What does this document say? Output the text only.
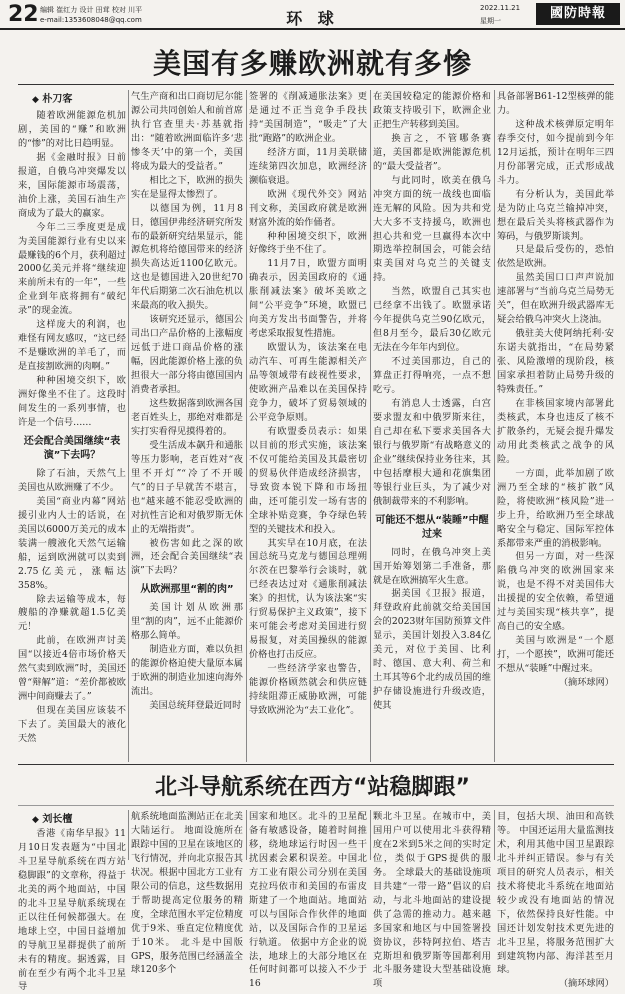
22 编辑 崔红力 设计 田茸 校对 川平
e-mail:1353608048@qq.com	环 球
2022.11.21
星期一	國防時報
美国有多赚欧洲就有多惨
◆ 朴刀客

随着欧洲能源危机加剧，美国的“赚”和欧洲的“惨”的对比日趋明显。

据《金融时报》日前报道，自俄乌冲突爆发以来，国际能源市场震荡，油价上涨，美国石油生产商成为了最大的赢家。

今年二三季度更是成为美国能源行业有史以来最赚钱的6个月，获利超过2000亿美元并将“继续迎来前所未有的一年”，一些企业到年底将拥有“破纪录”的现金流。

这样庞大的利润，也难怪有网友感叹，“这已经不是赚欧洲的羊毛了，而是直接割欧洲的肉啊。”

种种困境交织下，欧洲好像坐不住了。这段时间发生的一系列事情，也许是一个信号……

还会配合美国继续“表演”下去吗？

除了石油，天然气上美国也从欧洲赚了不少。

美国“商业内幕”网站援引业内人士的话说，在美国以6000万美元的成本装满一艘液化天然气运输船，运到欧洲就可以卖到2.75亿美元，涨幅达358%。

除去运输等成本，每艘船的净赚就超1.5亿美元！

此前，在欧洲声讨美国“以接近4倍市场价格天然气卖到欧洲”时，美国还曾“辩解”道：“差价都被欧洲中间商赚去了。”

但现在美国应该装不下去了。美国最大的液化天然

气生产商和出口商切尼尔能源公司共同创始人和前首席执行官查里夫·苏基就指出：“随着欧洲面临许多‘悲惨冬天’中的第一个，美国将成为最大的受益者。”

相比之下，欧洲的损失实在是显得太惨烈了。

以德国为例，11月8日，德国伊弗经济研究所发布的最新研究结果显示，能源危机将给德国带来的经济损失高达近1100亿欧元。这也是德国进入20世纪70年代后期第二次石油危机以来最高的收入损失。

该研究还显示，德国公司出口产品价格的上涨幅度远低于进口商品价格的涨幅，因此能源价格上涨的负担很大一部分将由德国国内消费者承担。

这些数据落到欧洲各国老百姓头上，那绝对难都是实打实看得见摸得着的。

受生活成本飙升和通胀等压力影响，老百姓对“夜里不开灯”“冷了不开暖气”的日子早就苦不堪言，也“越来越不能忍受欧洲的对抗性言论和对俄罗斯无休止的无端指责”。

被伤害如此之深的欧洲，还会配合美国继续“表演”下去吗？

从欧洲那里“割的肉”

美国计划从欧洲那里“割的肉”，远不止能源价格那么简单。

制造业方面，难以负担的能源价格迫使大量原本属于欧洲的制造业加速向海外流出。

美国总统拜登最近同时

签署的《削减通胀法案》更是通过不正当竞争手段扶持“美国制造”，“吸走”了大批“跑路”的欧洲企业。

经济方面，11月美联储连续第四次加息，欧洲经济濒临衰退。

欧洲《现代外交》网站刊文称，美国政府就是欧洲财富外流的始作俑者。

种种困境交织下，欧洲好像终于坐不住了。

11月7日，欧盟方面明确表示，因美国政府的《通胀削减法案》破坏美欧之间“公平竞争”环境，欧盟已向美方发出书面警告，并将考虑采取报复性措施。

欧盟认为，该法案在电动汽车、可再生能源相关产品等领域带有歧视性要求，使欧洲产品难以在美国保持竞争力，破坏了贸易领域的公平竞争原则。

有欧盟委员表示：如果以目前的形式实施，该法案不仅可能给美国及其最密切的贸易伙伴造成经济损害，导致资本锐下降和市场扭曲，还可能引发一场有害的全球补贴竞赛，争夺绿色转型的关键技术和投入。

其实早在10月底，在法国总统马克龙与德国总理朔尔茨在巴黎举行会谈时，就已经表达过对《通胀削减法案》的担忧，认为该法案“实行贸易保护主义政策”，接下来可能会考虑对美国进行贸易报复，对美国操纵的能源价格也打击反应。

一些经济学家也警告，能源价格顾然就会和供应链持续阻滞正威胁欧洲，可能导致欧洲沦为“去工业化”。

在美国较稳定的能源价格和政策支持吸引下，欧洲企业正把生产转移到美国。

换言之，不管哪条赛道，美国都是欧洲能源危机的“最大受益者”。

与此同时，欧美在俄乌冲突方面的统一战线也面临连无解的风险。因为共和党大大多不支持援乌，欧洲也担心共和党一旦赢得本次中期选举控制国会，可能会结束美国对乌克兰的关键支持。

当然，欧盟自己其实也已经拿不出钱了。欧盟承诺今年提供乌克兰90亿欧元，但8月至今，最后30亿欧元无法在今年年内到位。

不过美国那边，自己的算盘正打得响亮，一点不想吃亏。

有消息人士透露，白宫要求盟友和中俄罗斯来往，自己却在私下要求美国各大银行与俄罗斯“有战略意义的企业”继续保持业务往来，其中包括摩根大通和花旗集团等银行业巨头，为了减少对俄制裁带来的不利影响。

可能还不想从“装睡”中醒过来

同时，在俄乌冲突上美国开始筹划第二手准备，那就是在欧洲搞军火生意。

据美国《卫报》报道，拜登政府此前就交给美国国会的2023财年国防预算文件显示，美国计划投入3.84亿美元，对位于美国、比利时、德国、意大利、荷兰和土耳其等6个北约成员国的维护存储设施进行升级改造，使其

具备部署B61-12型核弹的能力。

这种战术核弹原定明年春季交付，如今提前到今年12月运抵，预计在明年三四月份部署完成，正式形成战斗力。

有分析认为，美国此举是为防止乌克兰输掉冲突，想在最后关头将核武器作为筹码，与俄罗斯谈判。

只是最后受伤的，恐怕依然是欧洲。

虽然美国口口声声说加速部署与“当前乌克兰局势无关”，但在欧洲升级武器库无疑会给俄乌冲突火上浇油。

俄驻美大使阿纳托利·安东诺夫就指出，“在局势紧张、风险激增的现阶段，核国家承担着防止局势升级的特殊责任。”

在非核国家境内部署此类核武，本身也违反了核不扩散条约，无疑会提升爆发动用此类核武之战争的风险。

一方面，此举加剧了欧洲乃至全球的“核扩散”风险，将使欧洲“核风险”进一步上升，给欧洲乃至全球战略安全与稳定、国际军控体系都带来严重的消极影响。

但另一方面，对一些深陷俄乌冲突的欧洲国家来说，也是不得不对美国伟大出援提的安全依赖，希望通过与美国实现“核共享”，提高自己的安全感。

美国与欧洲是“一个愿打，一个愿挨”，欧洲可能还不想从“装睡”中醒过来。

（摘环球网）
北斗导航系统在西方“站稳脚跟”
◆ 刘长檀

香港《南华早报》11月10日发表题为“中国北斗卫星导航系统在西方站稳脚跟”的文章称，得益于北美的两个地面站，中国的北斗卫星导航系统现在正以往任何候都强大。在地球上空，中国日益增加的导航卫星群提供了前所未有的精度。据透露，目前在至少有两个北斗卫星导

航系统地面监测站正在北美大陆运行。 地面设施所在跟踪中国的卫星在该地区的飞行情况，并向北京报告其状况。根据中国北方工业有限公司的信息，这些数据用于帮助提高定位服务的精度，全球范围水平定位精度优于9米、垂直定位精度优于10米。 北斗是中国版GPS，服务范围已经涵盖全球120多个

国家和地区。北斗的卫星配备有敏感设备，随着时间推移，绕地球运行时因一些干扰因素会累积误差。中国北方工业有限公司分别在美国克拉玛依市和美国的布雷皮斯建了一个地面站。地面站可以与国际合作伙伴的地面站，以及国际合作的卫星运行轨道。 依据中方企业的说法，地球上的大部分地区在任何时间都可以接入不少于16

颗北斗卫星。在城市中，美国用户可以使用北斗获得精度在2米到5米之间的实时定位，类似于GPS提供的服务。 全球最大的基础设施项目共建“一带一路”倡议的启动，与北斗地面站的建设提供了急需的推动力。越来越多国家和地区与中国签署投资协议，莎特阿拉伯、塔吉克斯坦和俄罗斯等国都利用北斗服务建设大型基础设施项

目，包括大坝、油田和高铁等。 中国还运用大量监测技术，利用其他中国卫星跟踪北斗并纠正错误。参与有关项目的研究人员表示，相关技术将使北斗系统在地面站较少或没有地面站的情况下，依然保持良好性能。中国还计划发射技术更先进的北斗卫星，将服务范围扩大到建筑物内部、海洋甚至月球。

（摘环球网）
